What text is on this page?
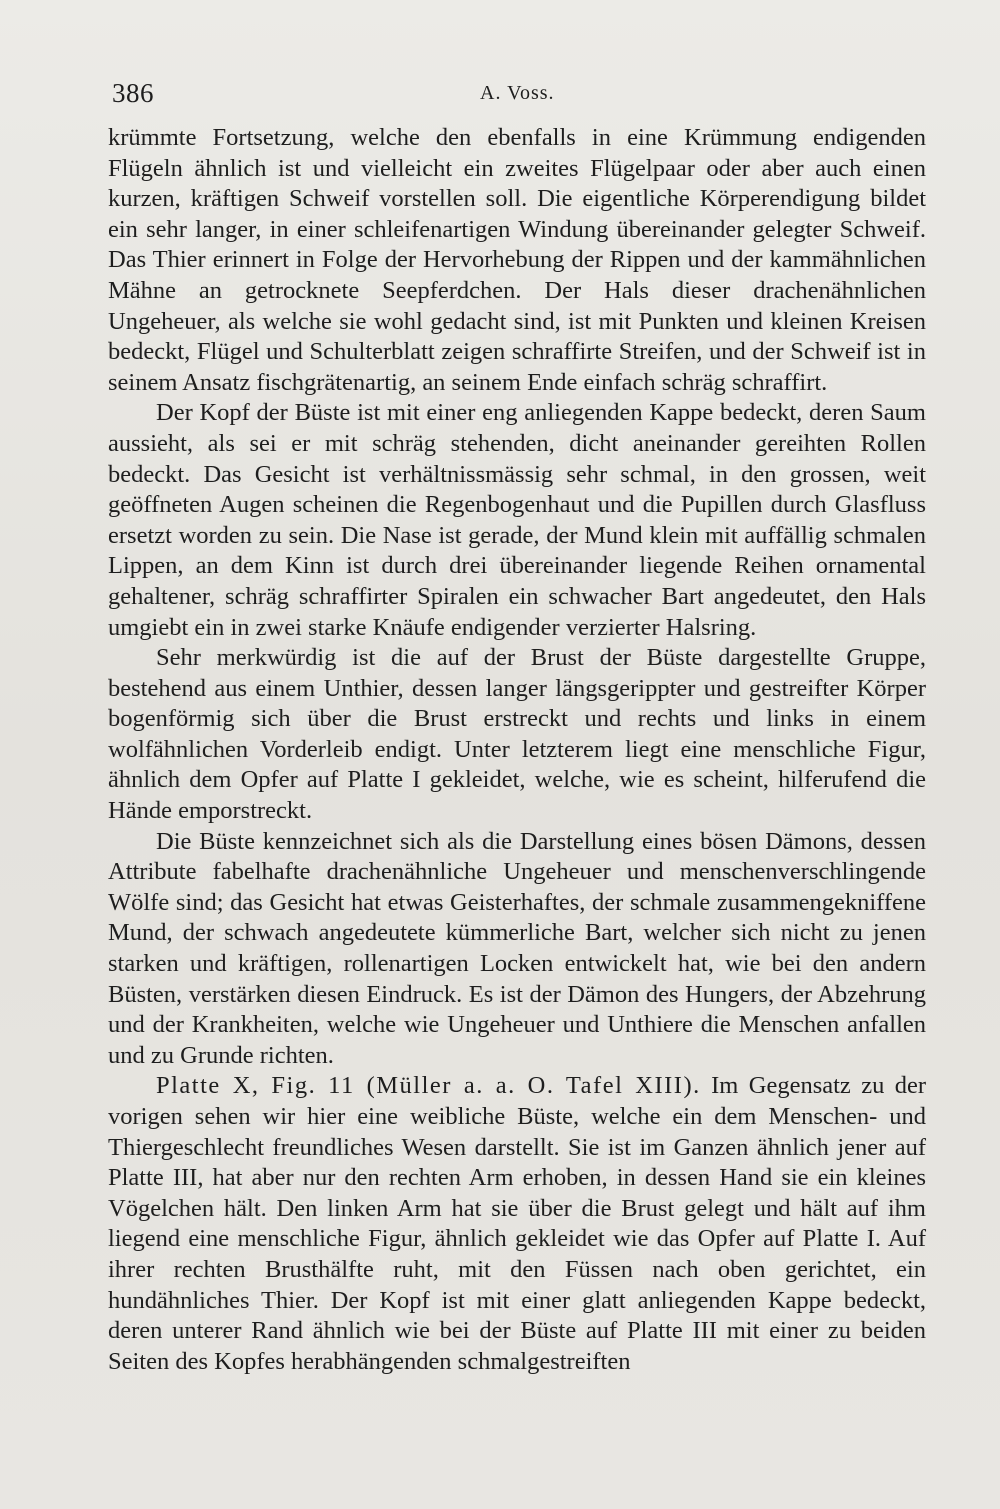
386	A. Voss.

krümmte Fortsetzung, welche den ebenfalls in eine Krümmung endigenden Flügeln ähnlich ist und vielleicht ein zweites Flügelpaar oder aber auch einen kurzen, kräftigen Schweif vorstellen soll. Die eigentliche Körperendigung bildet ein sehr langer, in einer schleifenartigen Windung übereinander gelegter Schweif. Das Thier erinnert in Folge der Hervorhebung der Rippen und der kammähnlichen Mähne an getrocknete Seepferdchen. Der Hals dieser drachenähnlichen Ungeheuer, als welche sie wohl gedacht sind, ist mit Punkten und kleinen Kreisen bedeckt, Flügel und Schulterblatt zeigen schraffirte Streifen, und der Schweif ist in seinem Ansatz fischgrätenartig, an seinem Ende einfach schräg schraffirt.

Der Kopf der Büste ist mit einer eng anliegenden Kappe bedeckt, deren Saum aussieht, als sei er mit schräg stehenden, dicht aneinander gereihten Rollen bedeckt. Das Gesicht ist verhältnissmässig sehr schmal, in den grossen, weit geöffneten Augen scheinen die Regenbogenhaut und die Pupillen durch Glasfluss ersetzt worden zu sein. Die Nase ist gerade, der Mund klein mit auffällig schmalen Lippen, an dem Kinn ist durch drei übereinander liegende Reihen ornamental gehaltener, schräg schraffirter Spiralen ein schwacher Bart angedeutet, den Hals umgiebt ein in zwei starke Knäufe endigender verzierter Halsring.

Sehr merkwürdig ist die auf der Brust der Büste dargestellte Gruppe, bestehend aus einem Unthier, dessen langer längsgerippter und gestreifter Körper bogenförmig sich über die Brust erstreckt und rechts und links in einem wolfähnlichen Vorderleib endigt. Unter letzterem liegt eine menschliche Figur, ähnlich dem Opfer auf Platte I gekleidet, welche, wie es scheint, hilferufend die Hände emporstreckt.

Die Büste kennzeichnet sich als die Darstellung eines bösen Dämons, dessen Attribute fabelhafte drachenähnliche Ungeheuer und menschenverschlingende Wölfe sind; das Gesicht hat etwas Geisterhaftes, der schmale zusammengekniffene Mund, der schwach angedeutete kümmerliche Bart, welcher sich nicht zu jenen starken und kräftigen, rollenartigen Locken entwickelt hat, wie bei den andern Büsten, verstärken diesen Eindruck. Es ist der Dämon des Hungers, der Abzehrung und der Krankheiten, welche wie Ungeheuer und Unthiere die Menschen anfallen und zu Grunde richten.

Platte X, Fig. 11 (Müller a. a. O. Tafel XIII). Im Gegensatz zu der vorigen sehen wir hier eine weibliche Büste, welche ein dem Menschen- und Thiergeschlecht freundliches Wesen darstellt. Sie ist im Ganzen ähnlich jener auf Platte III, hat aber nur den rechten Arm erhoben, in dessen Hand sie ein kleines Vögelchen hält. Den linken Arm hat sie über die Brust gelegt und hält auf ihm liegend eine menschliche Figur, ähnlich gekleidet wie das Opfer auf Platte I. Auf ihrer rechten Brusthälfte ruht, mit den Füssen nach oben gerichtet, ein hundähnliches Thier. Der Kopf ist mit einer glatt anliegenden Kappe bedeckt, deren unterer Rand ähnlich wie bei der Büste auf Platte III mit einer zu beiden Seiten des Kopfes herabhängenden schmalgestreiften
